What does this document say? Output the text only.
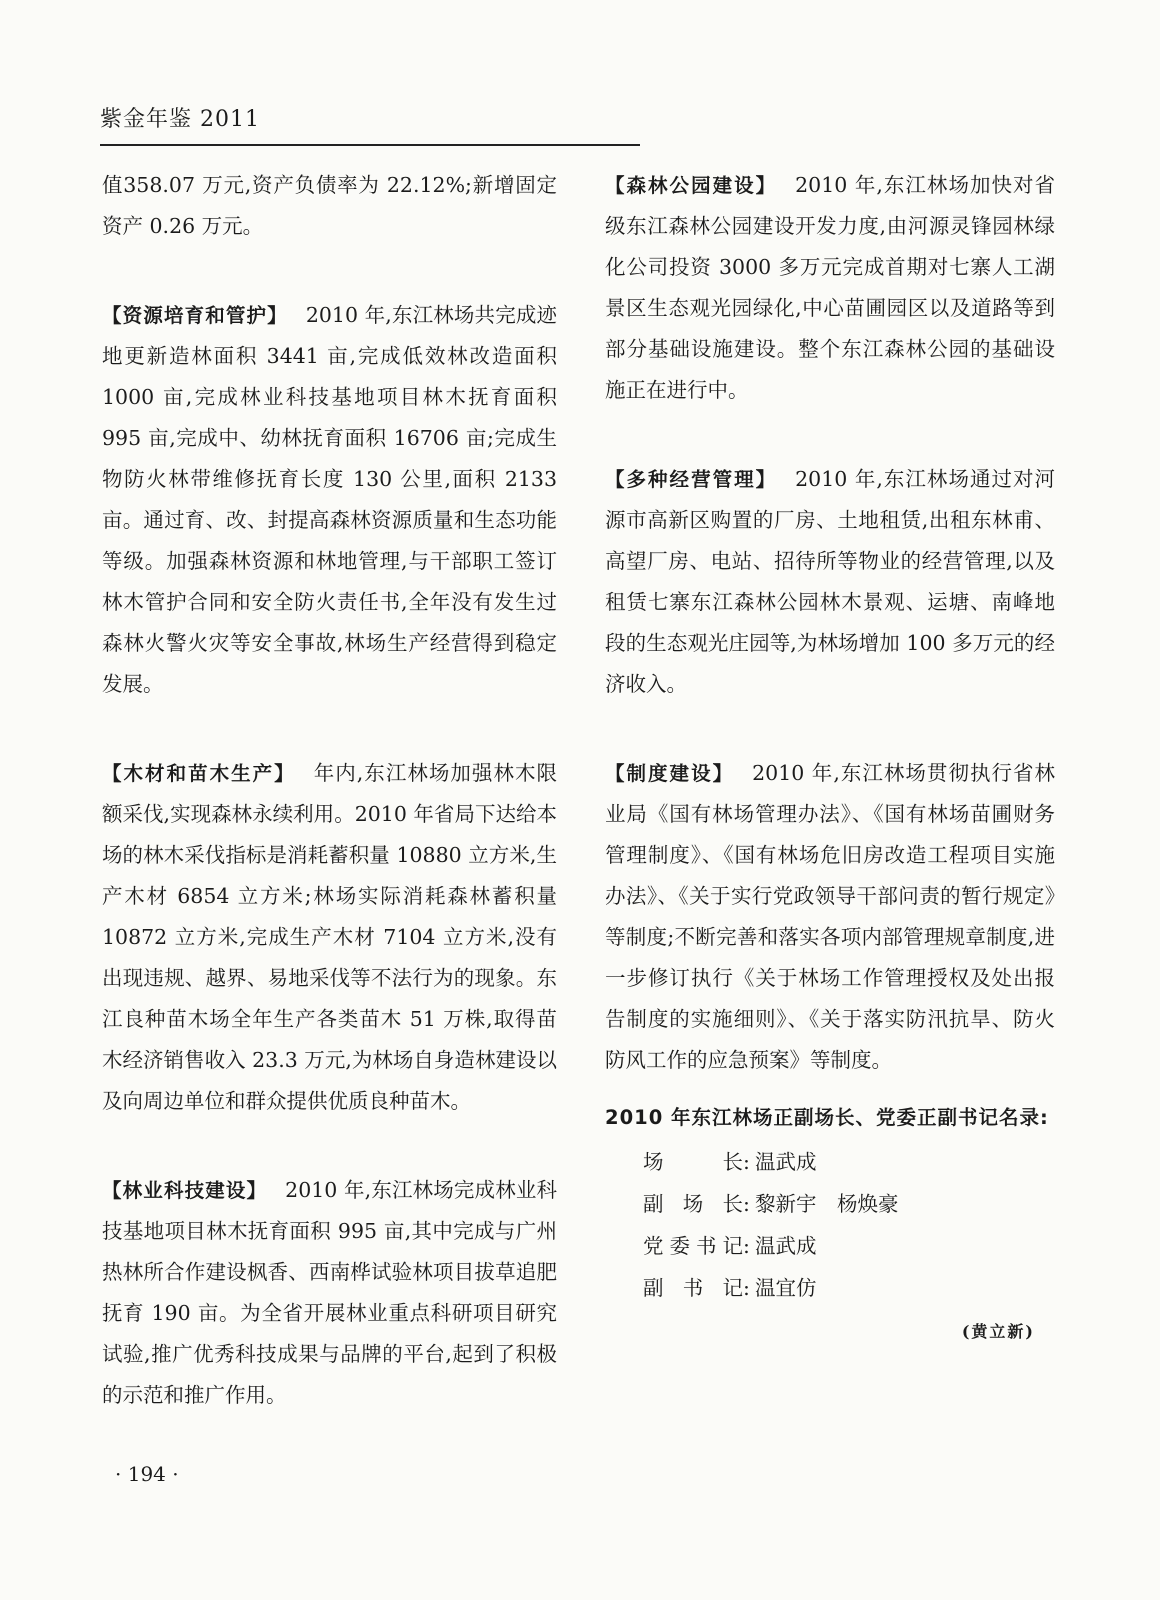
紫金年鉴 2011

值358.07 万元,资产负债率为 22.12%;新增固定资产 0.26 万元。

【资源培育和管护】 2010 年,东江林场共完成迹地更新造林面积 3441 亩,完成低效林改造面积 1000 亩,完成林业科技基地项目林木抚育面积 995 亩,完成中、幼林抚育面积 16706 亩;完成生物防火林带维修抚育长度 130 公里,面积 2133 亩。通过育、改、封提高森林资源质量和生态功能等级。加强森林资源和林地管理,与干部职工签订林木管护合同和安全防火责任书,全年没有发生过森林火警火灾等安全事故,林场生产经营得到稳定发展。

【木材和苗木生产】 年内,东江林场加强林木限额采伐,实现森林永续利用。2010 年省局下达给本场的林木采伐指标是消耗蓄积量 10880 立方米,生产木材 6854 立方米;林场实际消耗森林蓄积量 10872 立方米,完成生产木材 7104 立方米,没有出现违规、越界、易地采伐等不法行为的现象。东江良种苗木场全年生产各类苗木 51 万株,取得苗木经济销售收入 23.3 万元,为林场自身造林建设以及向周边单位和群众提供优质良种苗木。

【林业科技建设】 2010 年,东江林场完成林业科技基地项目林木抚育面积 995 亩,其中完成与广州热林所合作建设枫香、西南桦试验林项目拔草追肥抚育 190 亩。为全省开展林业重点科研项目研究试验,推广优秀科技成果与品牌的平台,起到了积极的示范和推广作用。

【森林公园建设】 2010 年,东江林场加快对省级东江森林公园建设开发力度,由河源灵锋园林绿化公司投资 3000 多万元完成首期对七寨人工湖景区生态观光园绿化,中心苗圃园区以及道路等到部分基础设施建设。整个东江森林公园的基础设施正在进行中。

【多种经营管理】 2010 年,东江林场通过对河源市高新区购置的厂房、土地租赁,出租东林甫、高望厂房、电站、招待所等物业的经营管理,以及租赁七寨东江森林公园林木景观、运塘、南峰地段的生态观光庄园等,为林场增加 100 多万元的经济收入。

【制度建设】 2010 年,东江林场贯彻执行省林业局《国有林场管理办法》、《国有林场苗圃财务管理制度》、《国有林场危旧房改造工程项目实施办法》、《关于实行党政领导干部问责的暂行规定》等制度;不断完善和落实各项内部管理规章制度,进一步修订执行《关于林场工作管理授权及处出报告制度的实施细则》、《关于落实防汛抗旱、防火防风工作的应急预案》等制度。

2010 年东江林场正副场长、党委正副书记名录:
场长 : 温武成
副场长 : 黎新宇　杨焕豪
党委书记 : 温武成
副书记 : 温宜仿
(黄立新)
· 194 ·
